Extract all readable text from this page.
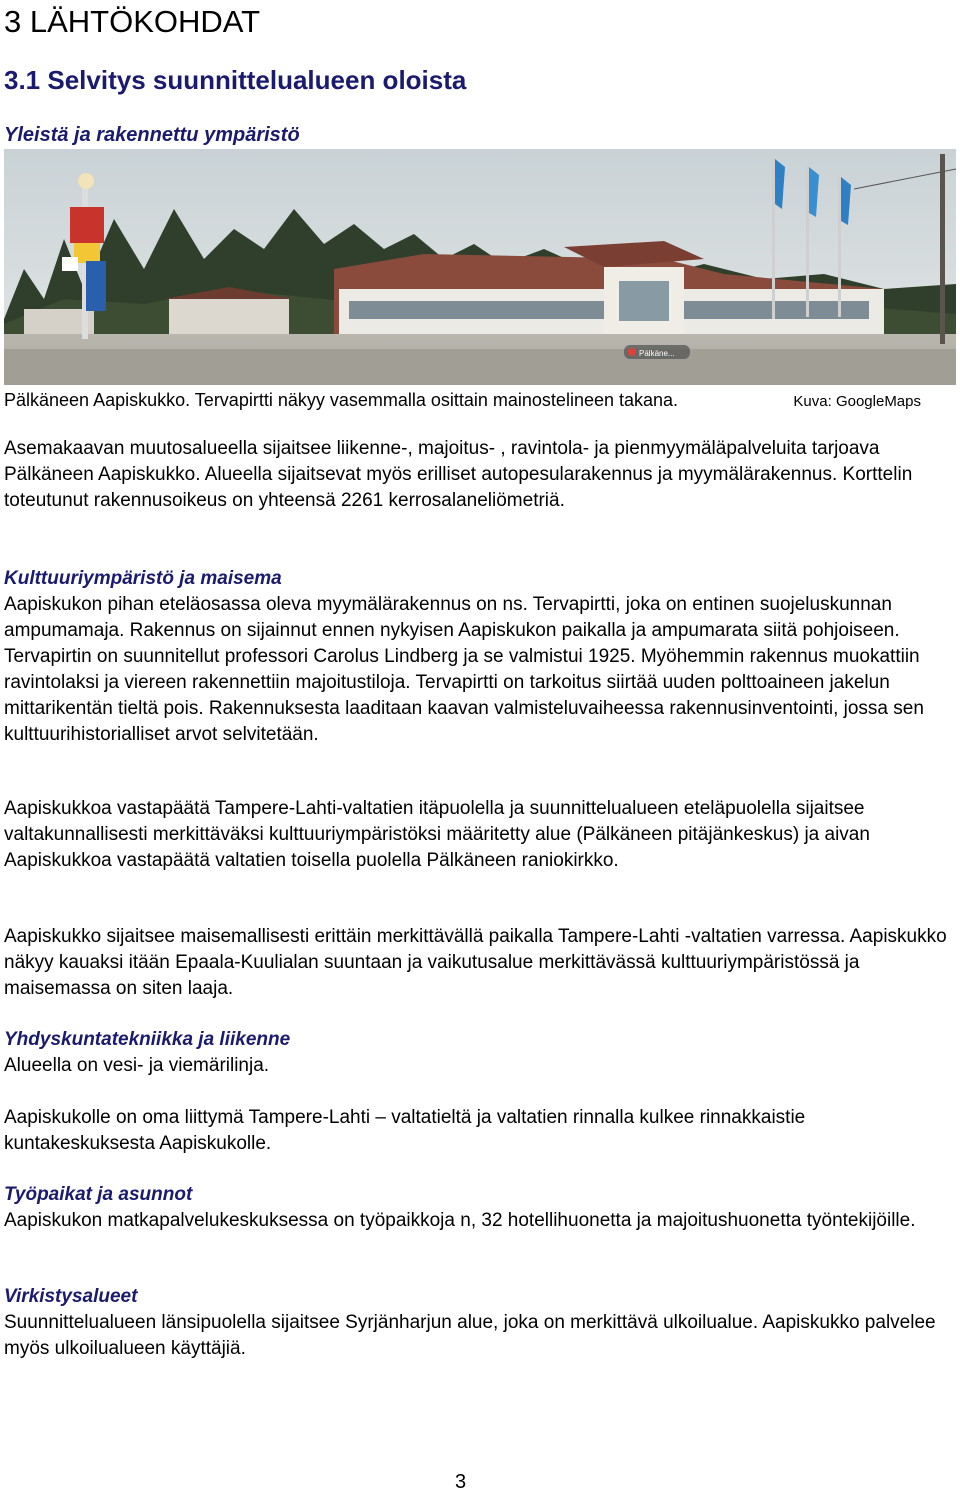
3 LÄHTÖKOHDAT
3.1 Selvitys suunnittelualueen oloista
Yleistä ja rakennettu ympäristö
Pälkäne...
Pälkäneen Aapiskukko. Tervapirtti näkyy vasemmalla osittain mainostelineen takana.	Kuva: GoogleMaps

Asemakaavan muutosalueella sijaitsee liikenne-, majoitus- , ravintola- ja pienmyymäläpalveluita tarjoava Pälkäneen Aapiskukko. Alueella sijaitsevat myös erilliset autopesularakennus ja myymälärakennus. Korttelin toteutunut rakennusoikeus on yhteensä 2261 kerrosalaneliömetriä.

Kulttuuriympäristö ja maisema

Aapiskukon pihan eteläosassa oleva myymälärakennus on ns. Tervapirtti, joka on entinen suojeluskunnan ampumamaja. Rakennus on sijainnut ennen nykyisen Aapiskukon paikalla ja ampumarata siitä pohjoiseen. Tervapirtin on suunnitellut professori Carolus Lindberg ja se valmistui 1925. Myöhemmin rakennus muokattiin ravintolaksi ja viereen rakennettiin majoitustiloja. Tervapirtti on tarkoitus siirtää uuden polttoaineen jakelun mittarikentän tieltä pois. Rakennuksesta laaditaan kaavan valmisteluvaiheessa rakennusinventointi, jossa sen kulttuurihistorialliset arvot selvitetään.

Aapiskukkoa vastapäätä Tampere-Lahti-valtatien itäpuolella ja suunnittelualueen eteläpuolella sijaitsee valtakunnallisesti merkittäväksi kulttuuriympäristöksi määritetty alue (Pälkäneen pitäjänkeskus) ja aivan Aapiskukkoa vastapäätä valtatien toisella puolella Pälkäneen raniokirkko.

Aapiskukko sijaitsee maisemallisesti erittäin merkittävällä paikalla Tampere-Lahti -valtatien varressa. Aapiskukko näkyy kauaksi itään Epaala-Kuulialan suuntaan ja vaikutusalue merkittävässä kulttuuriympäristössä ja maisemassa on siten laaja.

Yhdyskuntatekniikka ja liikenne

Alueella on vesi- ja viemärilinja.

Aapiskukolle on oma liittymä Tampere-Lahti – valtatieltä ja valtatien rinnalla kulkee rinnakkaistie kuntakeskuksesta Aapiskukolle.

Työpaikat ja asunnot

Aapiskukon matkapalvelukeskuksessa on työpaikkoja n, 32 hotellihuonetta ja majoitushuonetta työntekijöille.

Virkistysalueet

Suunnittelualueen länsipuolella sijaitsee Syrjänharjun alue, joka on merkittävä ulkoilualue. Aapiskukko palvelee myös ulkoilualueen käyttäjiä.

3
